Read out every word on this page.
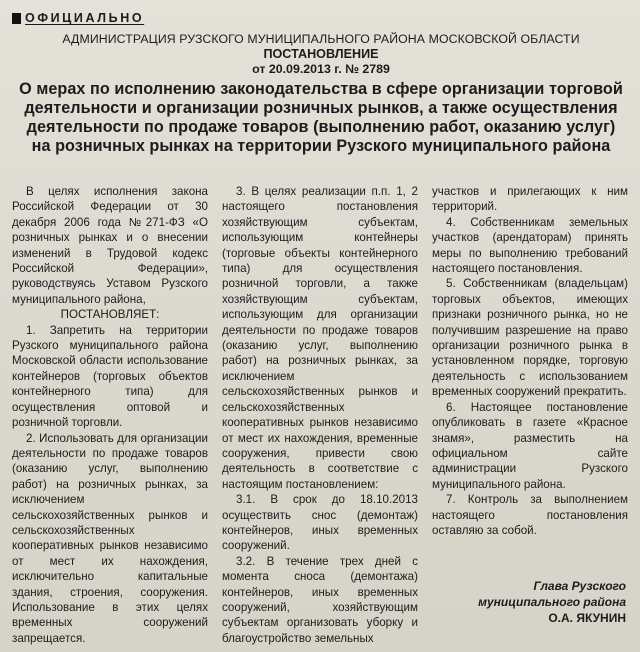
ОФИЦИАЛЬНО
АДМИНИСТРАЦИЯ РУЗСКОГО МУНИЦИПАЛЬНОГО РАЙОНА МОСКОВСКОЙ ОБЛАСТИ
ПОСТАНОВЛЕНИЕ
от 20.09.2013 г. № 2789
О мерах по исполнению законодательства в сфере организации торговой деятельности и организации розничных рынков, а также осуществления деятельности по продаже товаров (выполнению работ, оказанию услуг) на розничных рынках на территории Рузского муниципального района

В целях исполнения закона Российской Федерации от 30 декабря 2006 года №271-ФЗ «О розничных рынках и о внесении изменений в Трудовой кодекс Российской Федерации», руководствуясь Уставом Рузского муниципального района,

ПОСТАНОВЛЯЕТ:

1. Запретить на территории Рузского муниципального района Московской области использование контейнеров (торговых объектов контейнерного типа) для осуществления оптовой и розничной торговли.

2. Использовать для организации деятельности по продаже товаров (оказанию услуг, выполнению работ) на розничных рынках, за исключением сельскохозяйственных рынков и сельскохозяйственных кооперативных рынков независимо от мест их нахождения, исключительно капитальные здания, строения, сооружения. Использование в этих целях временных сооружений запрещается.

3. В целях реализации п.п. 1, 2 настоящего постановления хозяйствующим субъектам, использующим контейнеры (торговые объекты контейнерного типа) для осуществления розничной торговли, а также хозяйствующим субъектам, использующим для организации деятельности по продаже товаров (оказанию услуг, выполнению работ) на розничных рынках, за исключением сельскохозяйственных рынков и сельскохозяйственных кооперативных рынков независимо от мест их нахождения, временные сооружения, привести свою деятельность в соответствие с настоящим постановлением:

3.1. В срок до 18.10.2013 осуществить снос (демонтаж) контейнеров, иных временных сооружений.

3.2. В течение трех дней с момента сноса (демонтажа) контейнеров, иных временных сооружений, хозяйствующим субъектам организовать уборку и благоустройство земельных

участков и прилегающих к ним территорий.

4. Собственникам земельных участков (арендаторам) принять меры по выполнению требований настоящего постановления.

5. Собственникам (владельцам) торговых объектов, имеющих признаки розничного рынка, но не получившим разрешение на право организации розничного рынка в установленном порядке, торговую деятельность с использованием временных сооружений прекратить.

6. Настоящее постановление опубликовать в газете «Красное знамя», разместить на официальном сайте администрации Рузского муниципального района.

7. Контроль за выполнением настоящего постановления оставляю за собой.

Глава Рузского
муниципального района
О.А. ЯКУНИН
